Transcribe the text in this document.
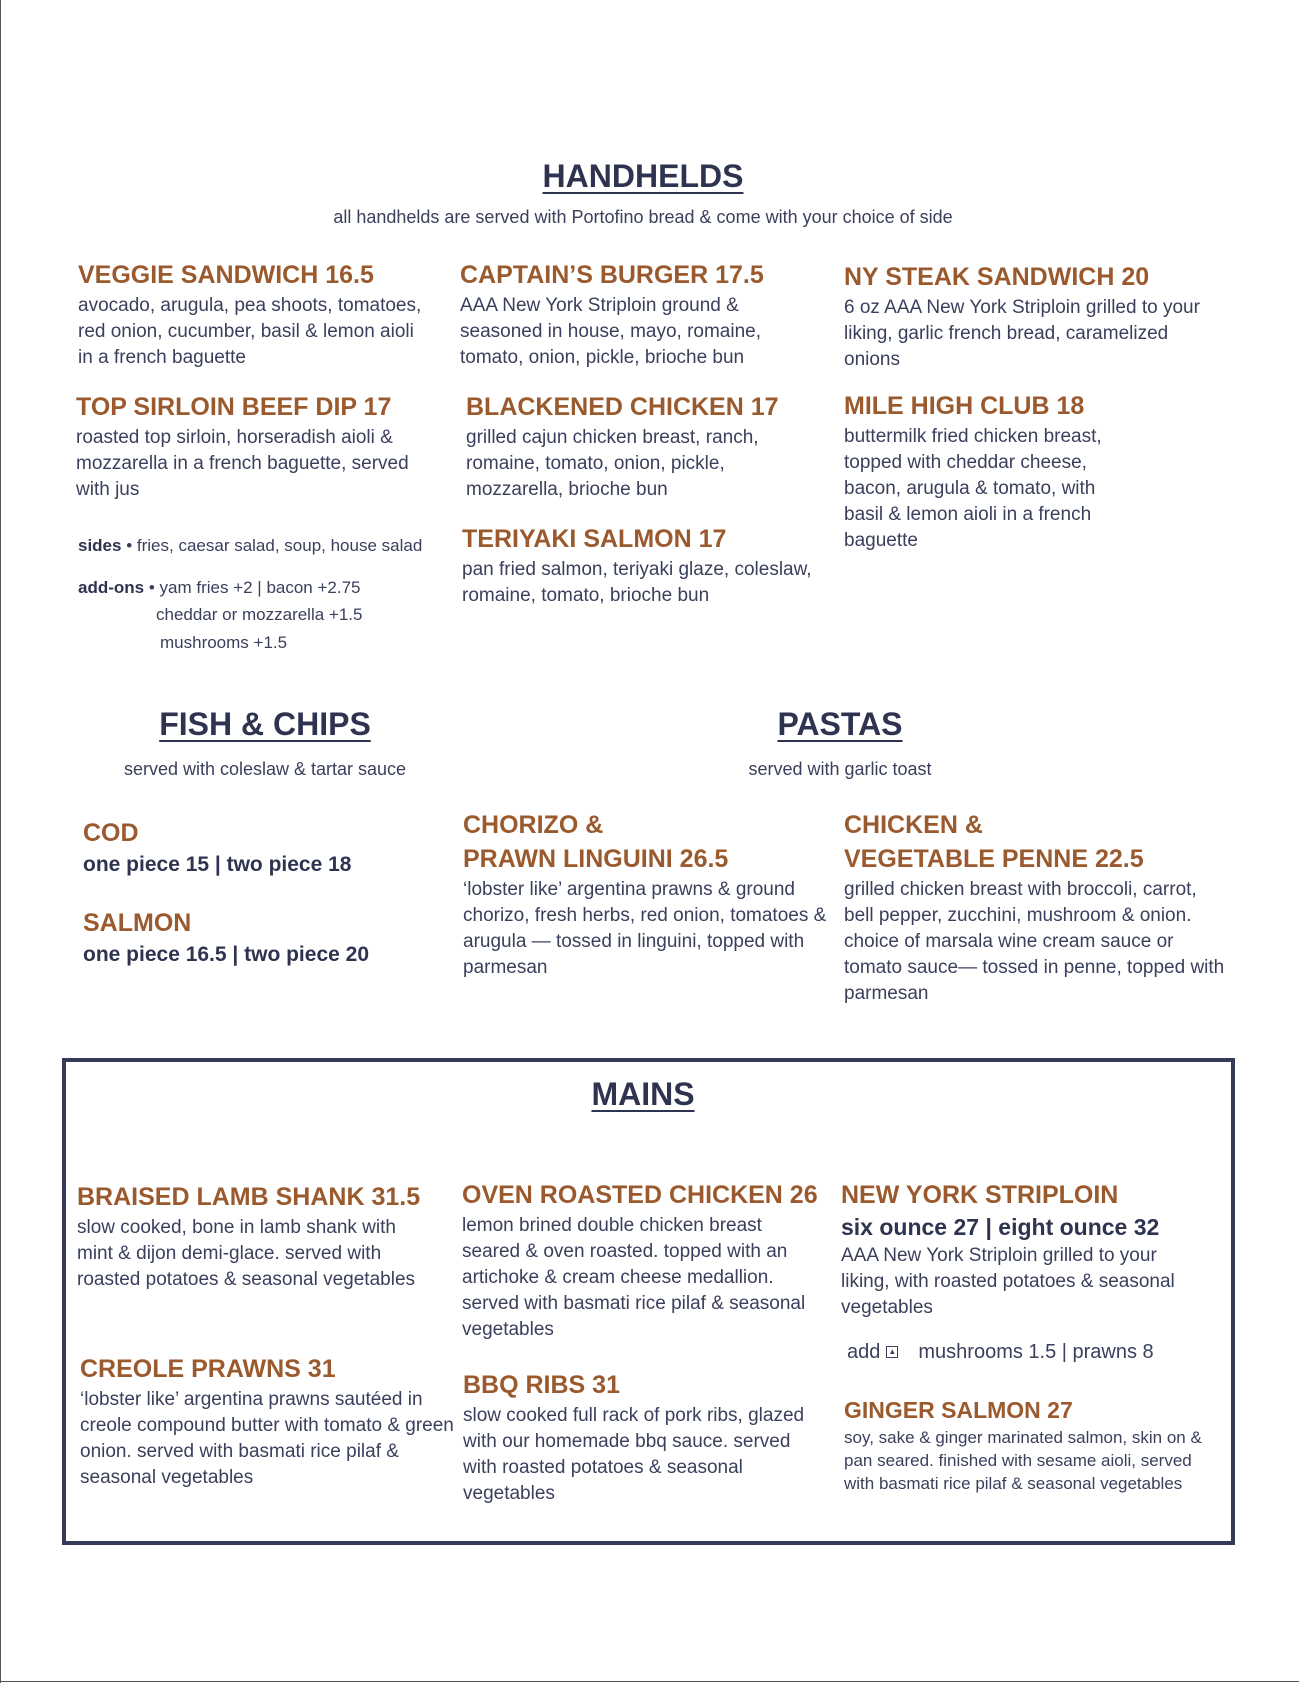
HANDHELDS
all handhelds are served with Portofino bread & come with your choice of side
VEGGIE SANDWICH 16.5
avocado, arugula, pea shoots, tomatoes, red onion, cucumber, basil & lemon aioli in a french baguette
CAPTAIN’S BURGER 17.5
AAA New York Striploin ground & seasoned in house, mayo, romaine, tomato, onion, pickle, brioche bun
NY STEAK SANDWICH 20
6 oz AAA New York Striploin grilled to your liking, garlic french bread, caramelized onions
TOP SIRLOIN BEEF DIP 17
roasted top sirloin, horseradish aioli & mozzarella in a french baguette, served with jus
BLACKENED CHICKEN 17
grilled cajun chicken breast, ranch, romaine, tomato, onion, pickle, mozzarella, brioche bun
MILE HIGH CLUB 18
buttermilk fried chicken breast, topped with cheddar cheese, bacon, arugula & tomato, with basil & lemon aioli in a french baguette
TERIYAKI SALMON 17
pan fried salmon, teriyaki glaze, coleslaw, romaine, tomato, brioche bun
sides • fries, caesar salad, soup, house salad
add-ons • yam fries +2 | bacon +2.75
cheddar or mozzarella +1.5
mushrooms +1.5
FISH & CHIPS
served with coleslaw & tartar sauce
COD
one piece 15 | two piece 18
SALMON
one piece 16.5 | two piece 20
PASTAS
served with garlic toast
CHORIZO &
PRAWN LINGUINI 26.5
‘lobster like’ argentina prawns & ground chorizo, fresh herbs, red onion, tomatoes & arugula — tossed in linguini, topped with parmesan
CHICKEN &
VEGETABLE PENNE 22.5
grilled chicken breast with broccoli, carrot, bell pepper, zucchini, mushroom & onion. choice of marsala wine cream sauce or tomato sauce— tossed in penne, topped with parmesan
MAINS
BRAISED LAMB SHANK 31.5
slow cooked, bone in lamb shank with mint & dijon demi-glace. served with roasted potatoes & seasonal vegetables
OVEN ROASTED CHICKEN 26
lemon brined double chicken breast seared & oven roasted. topped with an artichoke & cream cheese medallion. served with basmati rice pilaf & seasonal vegetables
NEW YORK STRIPLOIN
six ounce 27 | eight ounce 32
AAA New York Striploin grilled to your liking, with roasted potatoes & seasonal vegetables
add ▲ mushrooms 1.5 | prawns 8
CREOLE PRAWNS 31
‘lobster like’ argentina prawns sautéed in creole compound butter with tomato & green onion. served with basmati rice pilaf & seasonal vegetables
BBQ RIBS 31
slow cooked full rack of pork ribs, glazed with our homemade bbq sauce. served with roasted potatoes & seasonal vegetables
GINGER SALMON 27
soy, sake & ginger marinated salmon, skin on & pan seared. finished with sesame aioli, served with basmati rice pilaf & seasonal vegetables
